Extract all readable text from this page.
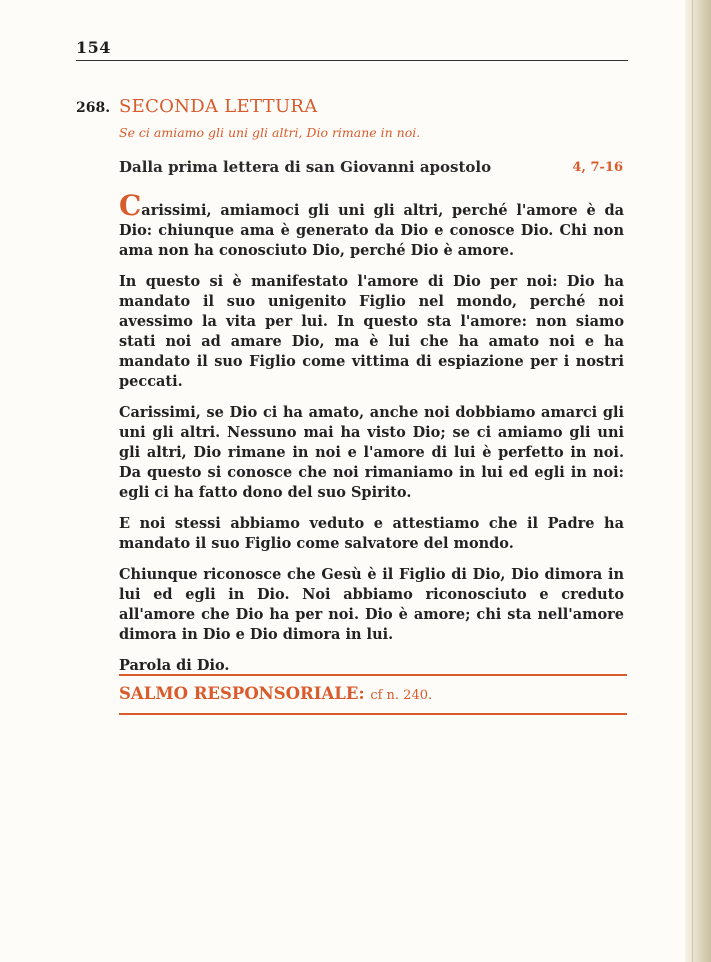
154
268. SECONDA LETTURA
Se ci amiamo gli uni gli altri, Dio rimane in noi.
Dalla prima lettera di san Giovanni apostolo	4, 7-16

Carissimi, amiamoci gli uni gli altri, perché l'amore è da Dio: chiunque ama è generato da Dio e conosce Dio. Chi non ama non ha conosciuto Dio, perché Dio è amore.

In questo si è manifestato l'amore di Dio per noi: Dio ha mandato il suo unigenito Figlio nel mondo, perché noi avessimo la vita per lui. In questo sta l'amore: non siamo stati noi ad amare Dio, ma è lui che ha amato noi e ha mandato il suo Figlio come vittima di espiazione per i nostri peccati.

Carissimi, se Dio ci ha amato, anche noi dobbiamo amarci gli uni gli altri. Nessuno mai ha visto Dio; se ci amiamo gli uni gli altri, Dio rimane in noi e l'amore di lui è perfetto in noi. Da questo si conosce che noi rimaniamo in lui ed egli in noi: egli ci ha fatto dono del suo Spirito.

E noi stessi abbiamo veduto e attestiamo che il Padre ha mandato il suo Figlio come salvatore del mondo.

Chiunque riconosce che Gesù è il Figlio di Dio, Dio dimora in lui ed egli in Dio. Noi abbiamo riconosciuto e creduto all'amore che Dio ha per noi. Dio è amore; chi sta nell'amore dimora in Dio e Dio dimora in lui.

Parola di Dio.

SALMO RESPONSORIALE: cf n. 240.
